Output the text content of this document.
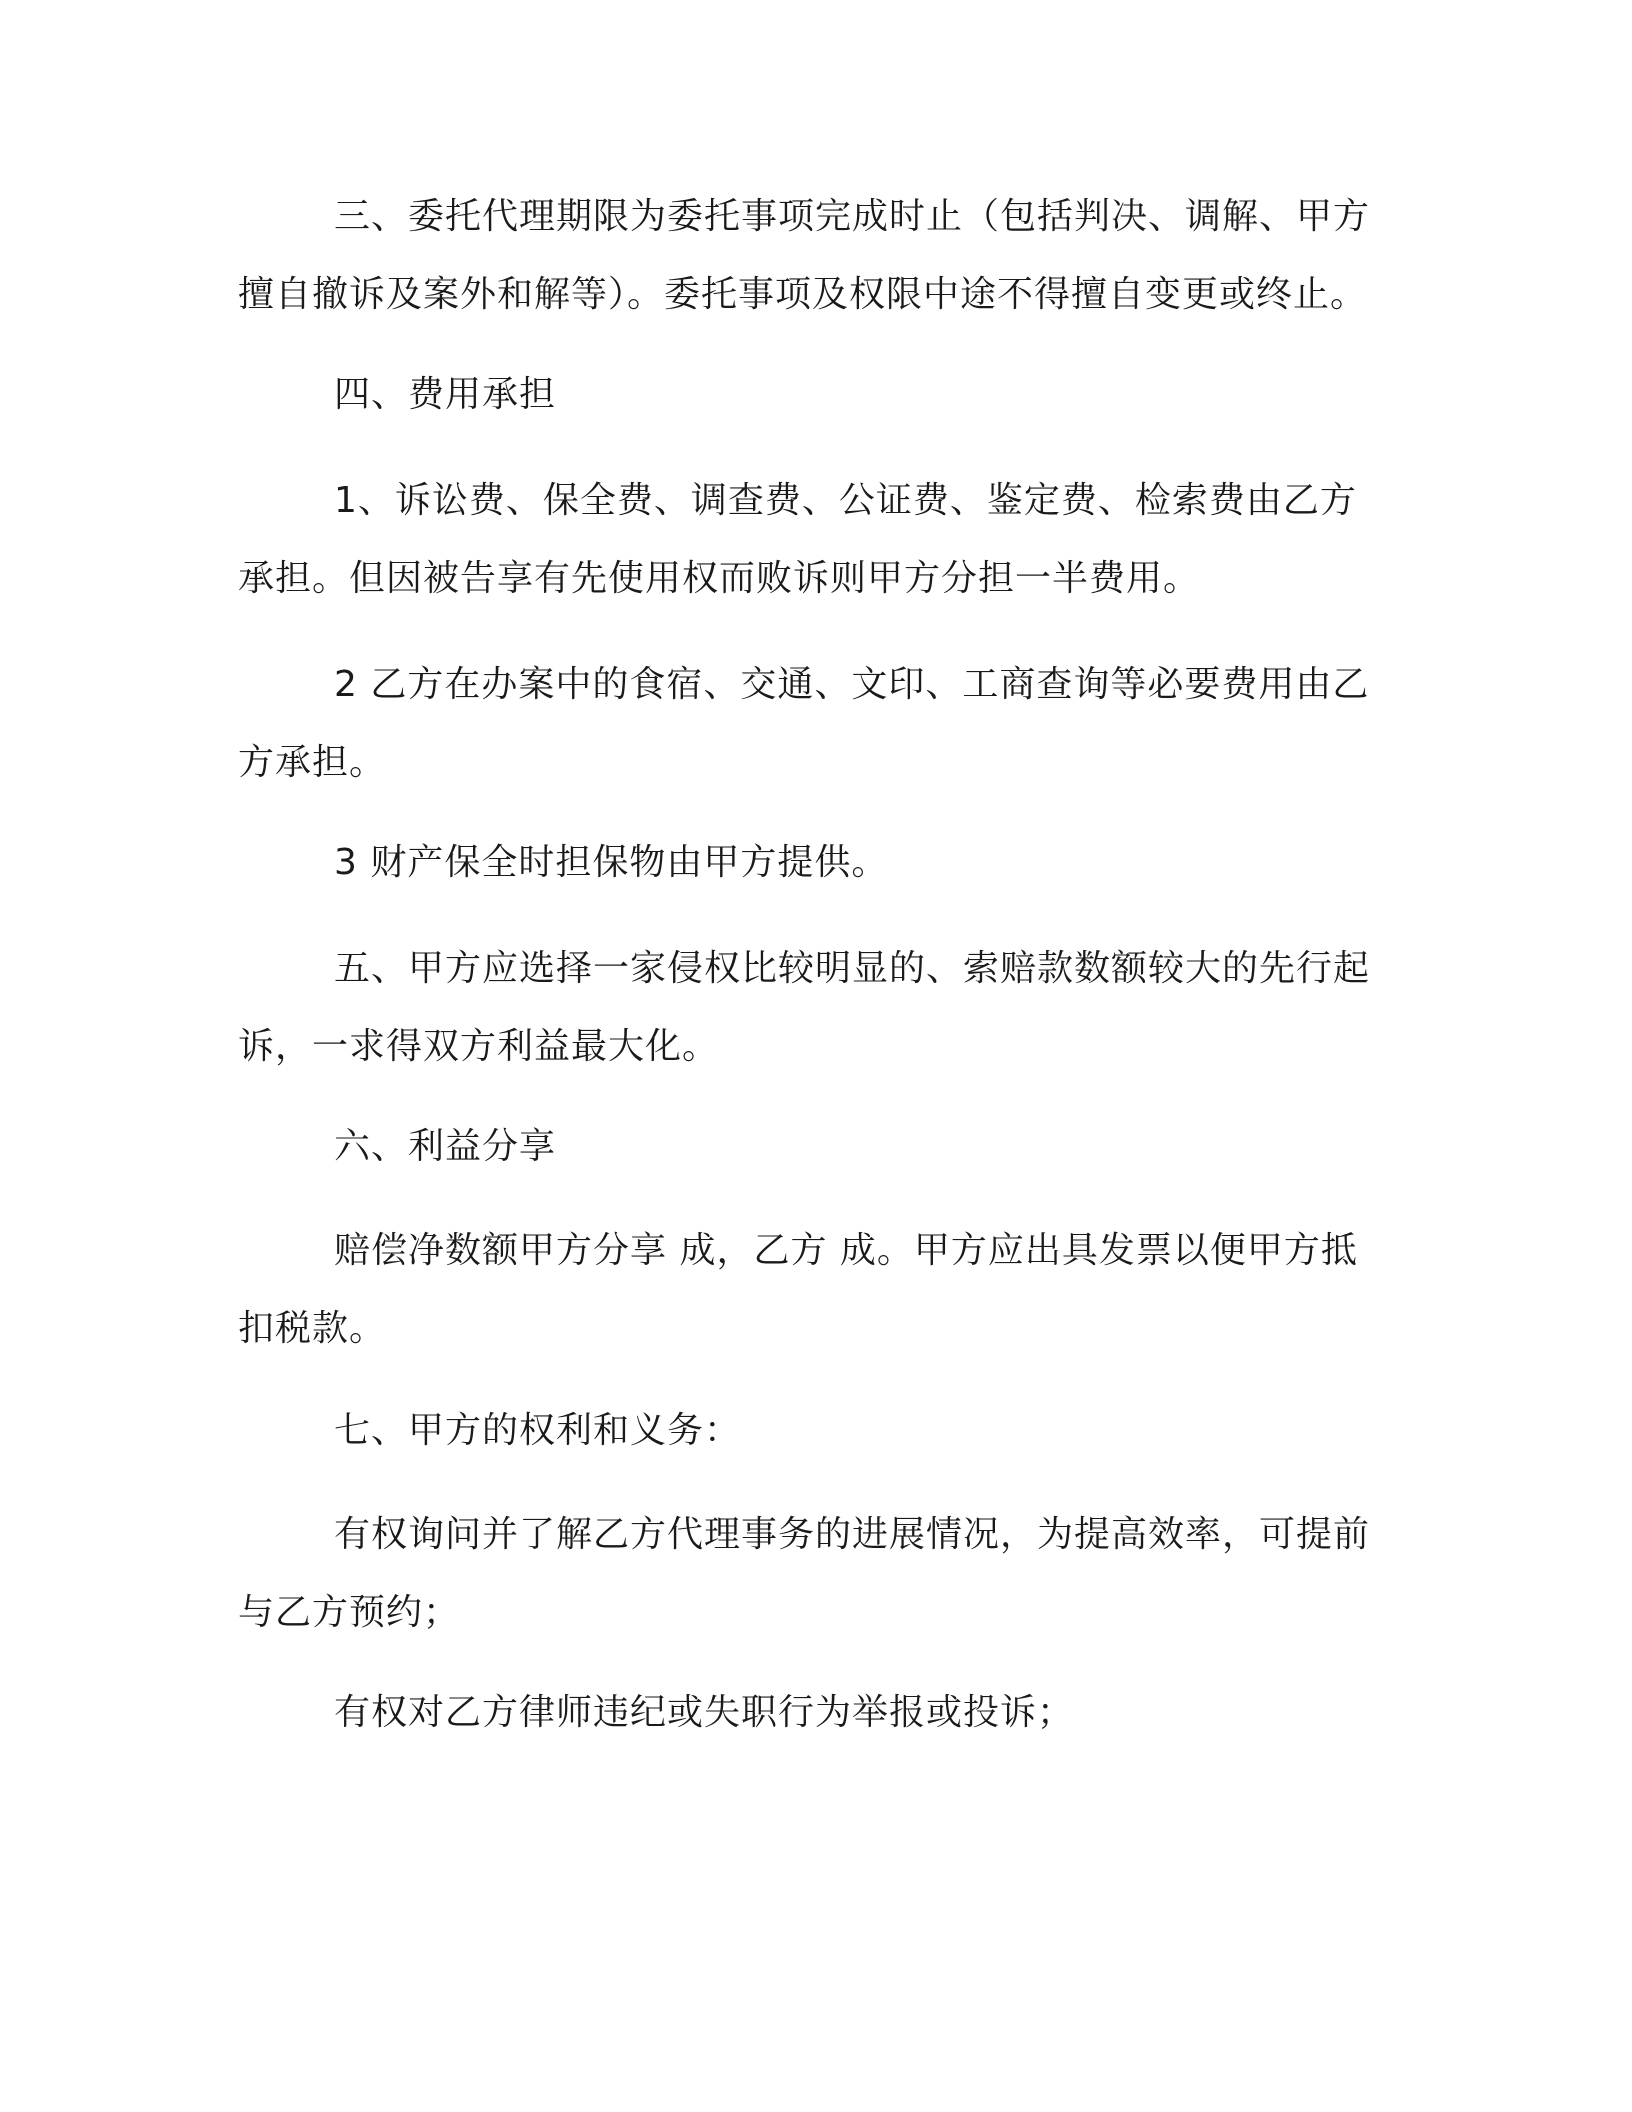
三、委托代理期限为委托事项完成时止（包括判决、调解、甲方
擅自撤诉及案外和解等）。委托事项及权限中途不得擅自变更或终止。

四、费用承担

1、诉讼费、保全费、调查费、公证费、鉴定费、检索费由乙方
承担。但因被告享有先使用权而败诉则甲方分担一半费用。

2 乙方在办案中的食宿、交通、文印、工商查询等必要费用由乙
方承担。

3 财产保全时担保物由甲方提供。

五、甲方应选择一家侵权比较明显的、索赔款数额较大的先行起
诉，一求得双方利益最大化。

六、利益分享

赔偿净数额甲方分享 成，乙方 成。甲方应出具发票以便甲方抵
扣税款。

七、甲方的权利和义务：

有权询问并了解乙方代理事务的进展情况，为提高效率，可提前
与乙方预约；

有权对乙方律师违纪或失职行为举报或投诉；
